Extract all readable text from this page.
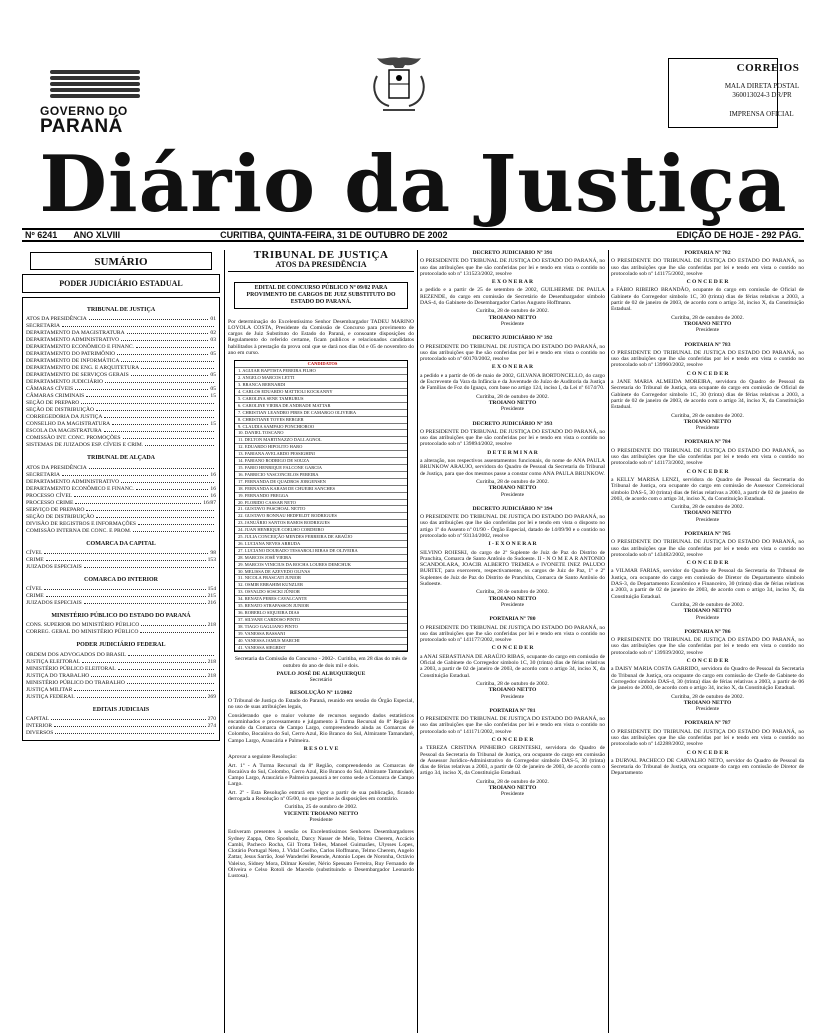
GOVERNO DO
PARANÁ
CORREIOS
MALA DIRETA POSTAL
360013024-3 DR/PR
IMPRENSA OFICIAL
Diário da Justiça
Nº 6241 ANO XLVIII	CURITIBA, QUINTA-FEIRA, 31 DE OUTUBRO DE 2002	EDIÇÃO DE HOJE - 292 PÁG.
SUMÁRIO
PODER JUDICIÁRIO ESTADUAL
TRIBUNAL DE JUSTIÇA
ATOS DA PRESIDÊNCIA	01
SECRETARIA
DEPARTAMENTO DA MAGISTRATURA	02
DEPARTAMENTO ADMINISTRATIVO	03
DEPARTAMENTO ECONÔMICO E FINANC.
DEPARTAMENTO DO PATRIMÔNIO	05
DEPARTAMENTO DE INFORMÁTICA
DEPARTAMENTO DE ENG. E ARQUITETURA
DEPARTAMENTO DE SERVIÇOS GERAIS	05
DEPARTAMENTO JUDICIÁRIO
CÂMARAS CÍVEIS	05
CÂMARAS CRIMINAIS	15
SEÇÃO DE PREPARO
SEÇÃO DE DISTRIBUIÇÃO
CORREGEDORIA DA JUSTIÇA
CONSELHO DA MAGISTRATURA	15
ESCOLA DA MAGISTRATURA
COMISSÃO INT. CONC. PROMOÇÕES
SISTEMAS DE JUIZADOS ESP. CÍVEIS E CRIM.
TRIBUNAL DE ALÇADA
ATOS DA PRESIDÊNCIA
SECRETARIA	16
DEPARTAMENTO ADMINISTRATIVO
DEPARTAMENTO ECONÔMICO E FINANC.	16
PROCESSO CÍVEL	16
PROCESSO CRIME	16/87
SERVIÇO DE PREPARO
SEÇÃO DE DISTRIBUIÇÃO
DIVISÃO DE REGISTROS E INFORMAÇÕES
COMISSÃO INTERNA DE CONC. E PROM.
COMARCA DA CAPITAL
CÍVEL	98
CRIME	153
JUIZADOS ESPECIAIS
COMARCA DO INTERIOR
CÍVEL	154
CRIME	215
JUIZADOS ESPECIAIS	216
MINISTÉRIO PÚBLICO DO ESTADO DO PARANÁ
CONS. SUPERIOR DO MINISTÉRIO PÚBLICO	218
CORREG. GERAL DO MINISTÉRIO PÚBLICO
PODER JUDICIÁRIO FEDERAL
ORDEM DOS ADVOGADOS DO BRASIL
JUSTIÇA ELEITORAL	218
MINISTÉRIO PÚBLICO ELEITORAL
JUSTIÇA DO TRABALHO	218
MINISTÉRIO PÚBLICO DO TRABALHO
JUSTIÇA MILITAR
JUSTIÇA FEDERAL	269
EDITAIS JUDICIAIS
CAPITAL	270
INTERIOR	274
DIVERSOS
TRIBUNAL DE JUSTIÇA
ATOS DA PRESIDÊNCIA
EDITAL DE CONCURSO PÚBLICO Nº 09/02 PARA PROVIMENTO DE CARGOS DE JUIZ SUBSTITUTO DO ESTADO DO PARANÁ.
Por determinação do Excelentíssimo Senhor Desembargador TADEU MARINO LOYOLA COSTA, Presidente da Comissão de Concurso para provimento de cargos de Juiz Substituto do Estado do Paraná, e consoante disposições do Regulamento do referido certame, ficam publicos e relacionados candidatos habilitados à prestação da prova oral que se dará nos dias 04 e 05 de novembro do ano em curso.
CANDIDATOS
1. AGUIAR BAPTISTA PEREIRA FILHO
2. ANGELO MARCOS LETTI
3. BRANCA BERNARDI
4. CARLOS EDUARDO MATTIOLI KOCKANNY
5. CAROLINA SENE TAMBURUS
6. CAROLINE VIEIRA DE ANDRADE MATTAR
7. CHRISTIAN LEANDRO PIRES DE CAMARGO OLIVEIRA
8. CHRISTIANE TOYES BERGER
9. CLAUDIA SAMPAIO PONCHIOROO
10. DANIEL TOSCANO
11. DELTON MARTINAZZO DALLAGNOL
12. EDUARDO HIPOLITO HARO
13. FABIANA AVELARDO PESSIGHINI
14. FABIANO RODRIGO DE SOUZA
15. FABIO HENRIQUE FALCONE GARCIA
16. FABRICIO VASCONCELOS PEREIRA
17. FERNANDA DE QUADROS JORGENSEN
18. FERNANDA KARAM DE CHUEIRI SANCHES
19. FERNANDO FREGGA
20. FLORIDO CASSAB NETO
21. GUSTAVO PASCHOAL NETTO
22. GUSTAVO RONNAU HEDFELDT RODRIGUES
23. JANUÁRIO SANTOS RAMOS RODRIGUES
24. JUAN HENRIQUE COELHO CORDEIRO
25. JULIA CONCEIÇÃO MENDES FERREIRA DE ARAÚJO
26. LUCIANA NEVES ARRUDA
27. LUCIANO DOURADO TESSAROLI RIBAS DE OLIVEIRA
28. MARCOS JOSÉ VIEIRA
29. MARCOS VINICIUS DA ROCHA LOURES DEMCHUK
30. MELISSA DE AZEVEDO OLIVAS
31. NICOLA FRASCATI JUNIOR
32. OSMIR EBRAHIM KUNZLER
33. OSVALDO SOSCKI JÚNIOR
34. RENATA PERES CAVALCANTE
35. RENATO STRAPASSON JUNIOR
36. ROBERLO SIQUEIRA DIAS
37. SILVANE CARDOSO PINTO
38. TIAGO GAGLIANO PINTO
39. VANESSA BASSANI
40. VANESSA JAMUS MARCHI
41. VANESSA SIEGRIST
Secretaria da Comissão do Concurso - 2002-. Curitiba, em 28 dias do mês de outubro do ano de dois mil e dois.
PAULO JOSÉ DE ALBUQUERQUE
Secretário
RESOLUÇÃO Nº 11/2002
O Tribunal de Justiça do Estado do Paraná, reunido em sessão do Órgão Especial, no uso de suas atribuições legais,
Considerando que o maior volume de recursos segundo dados estatísticos encaminhados e processamento e julgamento à Turma Recursal do 8ª Região é oriundo da Comarca de Campo Largo, compreendendo ainda as Comarcas de Colombo, Bocaiúva do Sul, Cerro Azul, Rio Branco do Sul, Almirante Tamandaré, Campo Largo, Araucária e Palmeira.
R E S O L V E
Aprovar a seguinte Resolução:
Art. 1º - A Turma Recursal da 8ª Região, compreendendo as Comarcas de Bocaiúva do Sul, Colombo, Cerro Azul, Rio Branco do Sul, Almirante Tamandaré, Campo Largo, Araucária e Palmeira passará a ter como sede a Comarca de Campo Largo.
Art. 2º - Esta Resolução entrará em vigor a partir de sua publicação, ficando derrogada a Resolução nº 05/00, no que pertine às disposições em contrário.
Curitiba, 25 de outubro de 2002.
VICENTE TROIANO NETTO
Presidente
Estiveram presentes à sessão os Excelentíssimos Senhores Desembargadores Sydney Zappa, Otto Sponholz, Darcy Nasser de Melo, Telmo Cherem, Accácio Cambi, Pacheco Rocha, Gil Trotta Telles, Manoel Guimarães, Ulysses Lopes, Clotário Portugal Neto, J. Vidal Coelho, Carlos Hoffmann, Telmo Cherem, Angelo Zattar, Jesus Sarrão, José Wanderlei Resende, Antonio Lopes de Noronha, Octávio Valeixo, Sidney Mora, Dilmar Kessler, Nério Spessato Ferreira, Ruy Fernando de Oliveira e Celso Rotoli de Macedo (substituindo o Desembargador Leonardo Lustosa).
DECRETO JUDICIÁRIO Nº 391
O PRESIDENTE DO TRIBUNAL DE JUSTIÇA DO ESTADO DO PARANÁ, no uso das atribuições que lhe são conferidas por lei e tendo em vista o contido no protocolado sob nº 131523/2002, resolve
E X O N E R A R
a pedido e a partir de 25 de setembro de 2002, GUILHERME DE PAULA REZENDE, do cargo em comissão de Secretário de Desembargador símbolo DAS-4, do Gabinete do Desembargador Carlos Augusto Hoffmann.
Curitiba, 28 de outubro de 2002.
TROIANO NETTO
Presidente
DECRETO JUDICIÁRIO Nº 392
O PRESIDENTE DO TRIBUNAL DE JUSTIÇA DO ESTADO DO PARANÁ, no uso das atribuições que lhe são conferidas por lei e tendo em vista o contido no protocolado sob nº 60170/2002, resolve
E X O N E R A R
a pedido e a partir de 06 de maio de 2002, GILVANA BORTONCELLO, do cargo de Escrevente da Vara da Infância e da Juventude do Juízo de Auditoria da Justiça de Famílias de Foz do Iguaçu, com base no artigo 124, inciso I, da Lei nº 6174/70.
Curitiba, 28 de outubro de 2002.
TROIANO NETTO
Presidente
DECRETO JUDICIÁRIO Nº 393
O PRESIDENTE DO TRIBUNAL DE JUSTIÇA DO ESTADO DO PARANÁ, no uso das atribuições que lhe são conferidas por lei e tendo em vista o contido no protocolado sob nº 139894/2002, resolve
D E T E R M I N A R
a alteração, nos respectivos assentamentos funcionais, do nome de ANA PAULA BRUNKOW ARAUJO, servidora do Quadro de Pessoal da Secretaria do Tribunal de Justiça, para que dos mesmos passe a constar como ANA PAULA BRUNKOW.
Curitiba, 28 de outubro de 2002.
TROIANO NETTO
Presidente
DECRETO JUDICIÁRIO Nº 394
O PRESIDENTE DO TRIBUNAL DE JUSTIÇA DO ESTADO DO PARANÁ, no uso das atribuições que lhe são conferidas por lei e tendo em vista o disposto no artigo 1º do Assento nº 01/90 - Órgão Especial, datado de 14/09/90 e o contido no protocolado sob nº 93134/2002, resolve
I - E X O N E R A R
SILVINO ROIESKI, do cargo de 2º Suplente de Juiz de Paz do Distrito de Pranchita, Comarca de Santo Antônio do Sudoeste. II - N O M E A R ANTONIO SCANDOLARA, JOACIR ALBERTO TREMEA e IVONETE INEZ PALUDO BURTET, para exercerem, respectivamente, os cargos de Juiz de Paz, 1º e 2º Suplentes de Juiz de Paz do Distrito de Pranchita, Comarca de Santo Antônio do Sudoeste.
Curitiba, 28 de outubro de 2002.
TROIANO NETTO
Presidente
PORTARIA Nº 780
O PRESIDENTE DO TRIBUNAL DE JUSTIÇA DO ESTADO DO PARANÁ, no uso das atribuições que lhe são conferidas por lei e tendo em vista o contido no protocolado sob nº 141177/2002, resolve
C O N C E D E R
a ANAI SEBASTIANA DE ARAÚJO RIBAS, ocupante do cargo em comissão de Oficial de Gabinete do Corregedor símbolo 1C, 30 (trinta) dias de férias relativas a 2003, a partir de 02 de janeiro de 2003, de acordo com o artigo 34, inciso X, da Constituição Estadual.
Curitiba, 28 de outubro de 2002.
TROIANO NETTO
Presidente
PORTARIA Nº 781
O PRESIDENTE DO TRIBUNAL DE JUSTIÇA DO ESTADO DO PARANÁ, no uso das atribuições que lhe são conferidas por lei e tendo em vista o contido no protocolado sob nº 141171/2002, resolve
C O N C E D E R
a TEREZA CRISTINA PINHEIRO GRENTESKI, servidora do Quadro de Pessoal da Secretaria do Tribunal de Justiça, ora ocupante do cargo em comissão de Assessor Jurídico-Administrativo do Corregedor símbolo DAS-5, 30 (trinta) dias de férias relativas a 2003, a partir de 02 de janeiro de 2003, de acordo com o artigo 34, inciso X, da Constituição Estadual.
Curitiba, 28 de outubro de 2002.
TROIANO NETTO
Presidente
PORTARIA Nº 782
O PRESIDENTE DO TRIBUNAL DE JUSTIÇA DO ESTADO DO PARANÁ, no uso das atribuições que lhe são conferidas por lei e tendo em vista o contido no protocolado sob nº 141175/2002, resolve
C O N C E D E R
a FÁBIO RIBEIRO BRANDÃO, ocupante do cargo em comissão de Oficial de Gabinete do Corregedor símbolo 1C, 30 (trinta) dias de férias relativas a 2003, a partir de 02 de janeiro de 2003, de acordo com o artigo 34, inciso X, da Constituição Estadual.
Curitiba, 28 de outubro de 2002.
TROIANO NETTO
Presidente
PORTARIA Nº 783
O PRESIDENTE DO TRIBUNAL DE JUSTIÇA DO ESTADO DO PARANÁ, no uso das atribuições que lhe são conferidas por lei e tendo em vista o contido no protocolado sob nº 139960/2002, resolve
C O N C E D E R
a JANE MARIA ALMEIDA MOREIRA, servidora do Quadro de Pessoal da Secretaria do Tribunal de Justiça, ora ocupante do cargo em comissão de Oficial de Gabinete do Corregedor símbolo 1C, 30 (trinta) dias de férias relativas a 2003, a partir de 02 de janeiro de 2003, de acordo com o artigo 34, inciso X, da Constituição Estadual.
Curitiba, 28 de outubro de 2002.
TROIANO NETTO
Presidente
PORTARIA Nº 784
O PRESIDENTE DO TRIBUNAL DE JUSTIÇA DO ESTADO DO PARANÁ, no uso das atribuições que lhe são conferidas por lei e tendo em vista o contido no protocolado sob nº 141173/2002, resolve
C O N C E D E R
a KELLY MARISA LENZI, servidora do Quadro de Pessoal da Secretaria do Tribunal de Justiça, ora ocupante do cargo em comissão de Assessor Correicional símbolo DAS-5, 30 (trinta) dias de férias relativas a 2003, a partir de 02 de janeiro de 2003, de acordo com o artigo 34, inciso X, da Constituição Estadual.
Curitiba, 28 de outubro de 2002.
TROIANO NETTO
Presidente
PORTARIA Nº 785
O PRESIDENTE DO TRIBUNAL DE JUSTIÇA DO ESTADO DO PARANÁ, no uso das atribuições que lhe são conferidas por lei e tendo em vista o contido no protocolado sob nº 143482/2002, resolve
C O N C E D E R
a VILMAR FARIAS, servidor do Quadro de Pessoal da Secretaria do Tribunal de Justiça, ora ocupante do cargo em comissão de Diretor do Departamento símbolo DAS-3, do Departamento Econômico e Financeiro, 30 (trinta) dias de férias relativas a 2003, a partir de 02 de janeiro de 2003, de acordo com o artigo 34, inciso X, da Constituição Estadual.
Curitiba, 28 de outubro de 2002.
TROIANO NETTO
Presidente
PORTARIA Nº 786
O PRESIDENTE DO TRIBUNAL DE JUSTIÇA DO ESTADO DO PARANÁ, no uso das atribuições que lhe são conferidas por lei e tendo em vista o contido no protocolado sob nº 139939/2002, resolve
C O N C E D E R
a DAISY MARIA COSTA GARRIDO, servidora do Quadro de Pessoal da Secretaria do Tribunal de Justiça, ora ocupante do cargo em comissão de Chefe de Gabinete do Corregedor símbolo DAS-4, 30 (trinta) dias de férias relativas a 2003, a partir de 06 de janeiro de 2003, de acordo com o artigo 34, inciso X, da Constituição Estadual.
Curitiba, 28 de outubro de 2002.
TROIANO NETTO
Presidente
PORTARIA Nº 787
O PRESIDENTE DO TRIBUNAL DE JUSTIÇA DO ESTADO DO PARANÁ, no uso das atribuições que lhe são conferidas por lei e tendo em vista o contido no protocolado sob nº 142288/2002, resolve
C O N C E D E R
a DURVAL PACHECO DE CARVALHO NETO, servidor do Quadro de Pessoal da Secretaria do Tribunal de Justiça, ora ocupante do cargo em comissão de Diretor de Departamento
